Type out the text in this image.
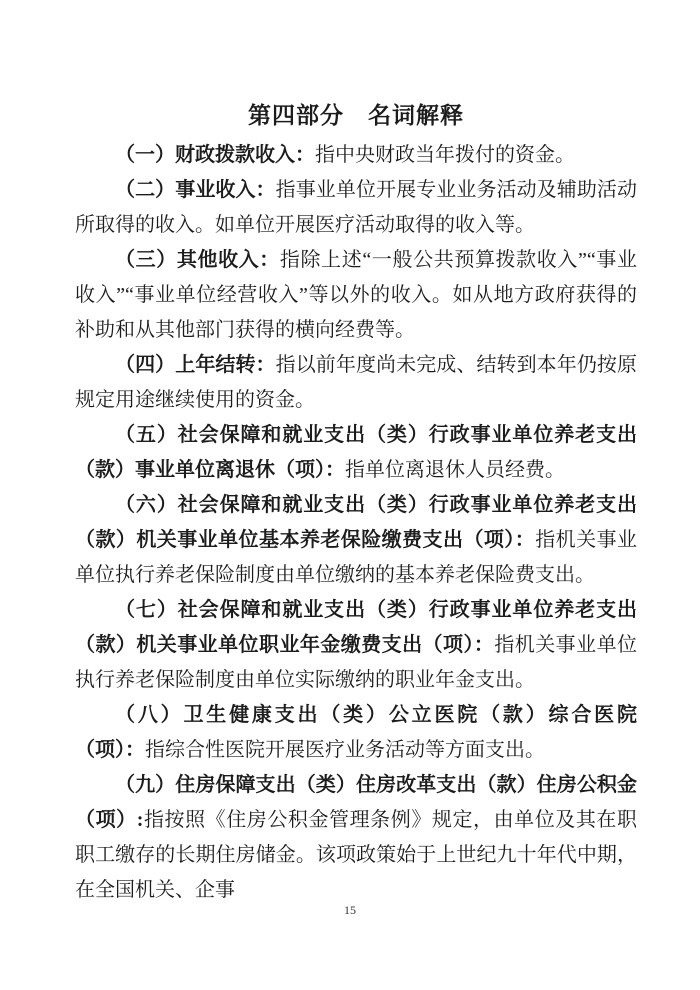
第四部分　名词解释

（一）财政拨款收入：指中央财政当年拨付的资金。

（二）事业收入：指事业单位开展专业业务活动及辅助活动所取得的收入。如单位开展医疗活动取得的收入等。

（三）其他收入：指除上述“一般公共预算拨款收入”“事业收入”“事业单位经营收入”等以外的收入。如从地方政府获得的补助和从其他部门获得的横向经费等。

（四）上年结转：指以前年度尚未完成、结转到本年仍按原规定用途继续使用的资金。

（五）社会保障和就业支出（类）行政事业单位养老支出（款）事业单位离退休（项）：指单位离退休人员经费。

（六）社会保障和就业支出（类）行政事业单位养老支出（款）机关事业单位基本养老保险缴费支出（项）：指机关事业单位执行养老保险制度由单位缴纳的基本养老保险费支出。

（七）社会保障和就业支出（类）行政事业单位养老支出（款）机关事业单位职业年金缴费支出（项）：指机关事业单位执行养老保险制度由单位实际缴纳的职业年金支出。

（八）卫生健康支出（类）公立医院（款）综合医院（项）：指综合性医院开展医疗业务活动等方面支出。

（九）住房保障支出（类）住房改革支出（款）住房公积金（项）:指按照《住房公积金管理条例》规定，由单位及其在职职工缴存的长期住房储金。该项政策始于上世纪九十年代中期，在全国机关、企事

15
